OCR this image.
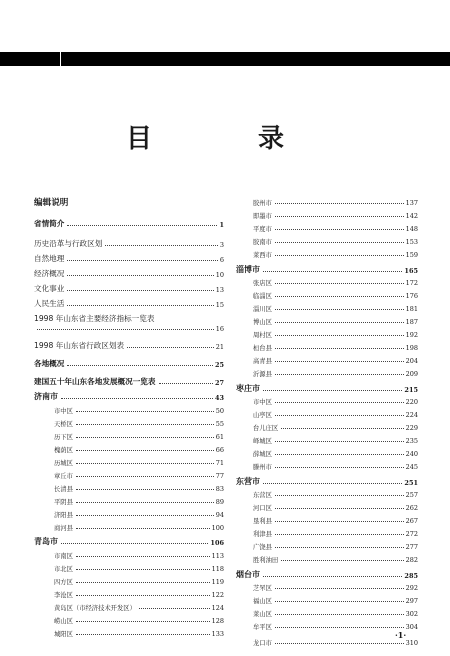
目　录
编辑说明
省情简介	1
历史沿革与行政区划	3
自然地理	6
经济概况	10
文化事业	13
人民生活	15
1998 年山东省主要经济指标一览表
16
1998 年山东省行政区划表	21
各地概况	25
建国五十年山东各地发展概况一览表	27
济南市	43
市中区	50
天桥区	55
历下区	61
槐荫区	66
历城区	71
章丘市	77
长清县	83
平阴县	89
济阳县	94
商河县	100
青岛市	106
市南区	113
市北区	118
四方区	119
李沧区	122
黄岛区（市经济技术开发区）	124
崂山区	128
城阳区	133
胶州市	137
即墨市	142
平度市	148
胶南市	153
莱西市	159
淄博市	165
张店区	172
临淄区	176
淄川区	181
博山区	187
周村区	192
桓台县	198
高青县	204
沂源县	209
枣庄市	215
市中区	220
山亭区	224
台儿庄区	229
峄城区	235
薛城区	240
滕州市	245
东营市	251
东营区	257
河口区	262
垦利县	267
利津县	272
广饶县	277
胜利油田	282
烟台市	285
芝罘区	292
福山区	297
莱山区	302
牟平区	304
龙口市	310
·1·
